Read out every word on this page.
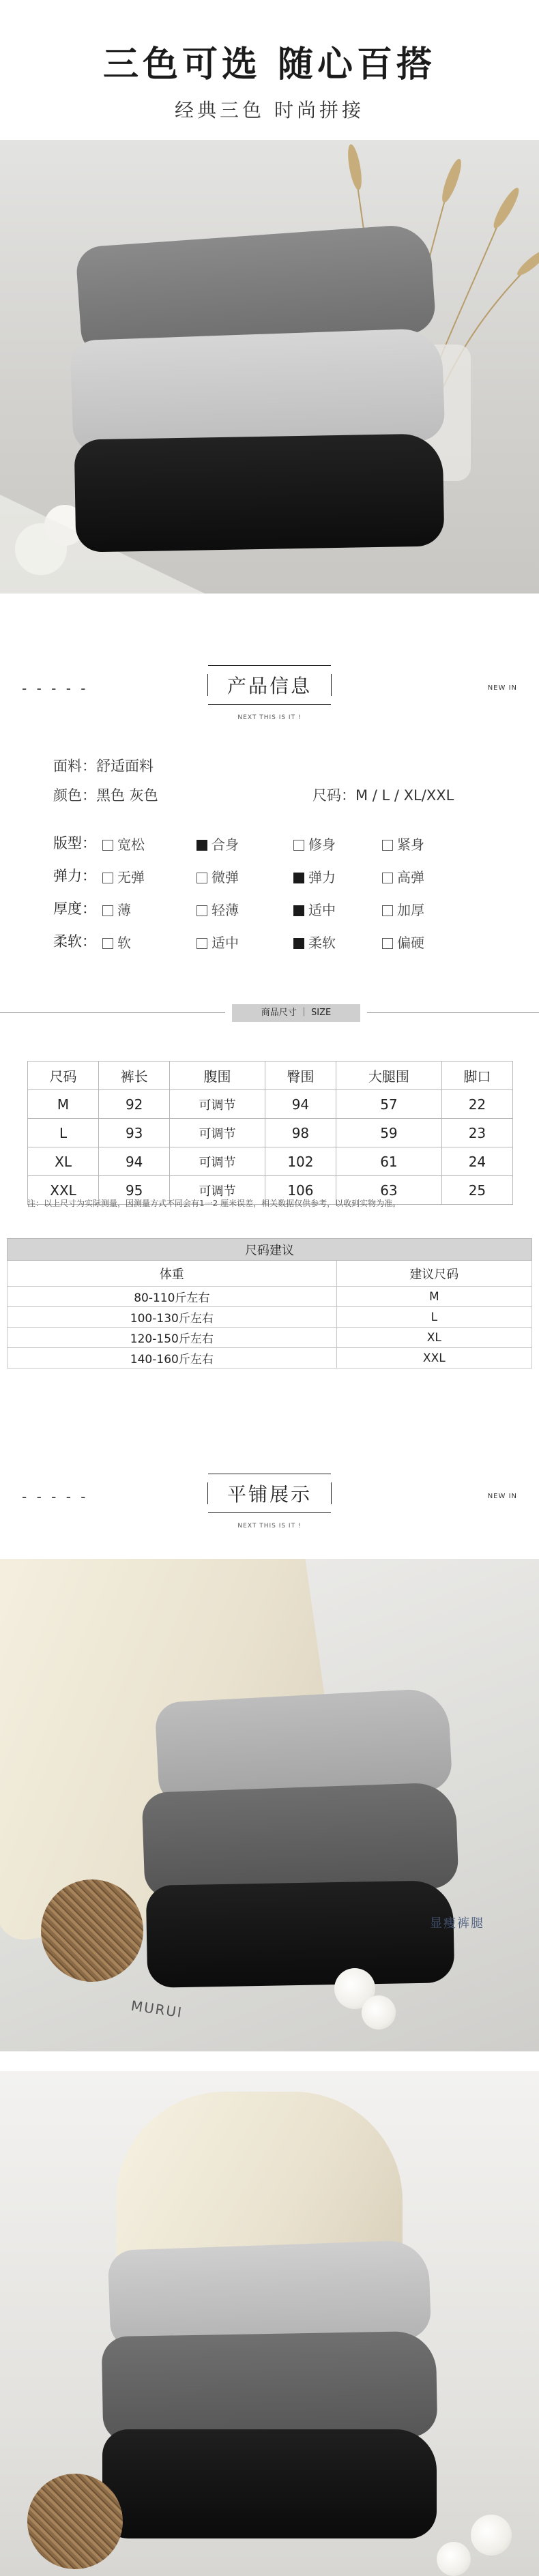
三色可选 随心百搭
经典三色 时尚拼接
- - - - -	产品信息	NEW IN
NEXT THIS IS IT !
面料：舒适面料
颜色：黑色 灰色	尺码：M / L / XL/XXL
版型：	宽松	合身	修身	紧身
弹力：	无弹	微弹	弹力	高弹
厚度：	薄	轻薄	适中	加厚
柔软：	软	适中	柔软	偏硬
商品尺寸 ｜ SIZE
尺码	裤长	腹围	臀围	大腿围	脚口
M	92	可调节	94	57	22
L	93	可调节	98	59	23
XL	94	可调节	102	61	24
XXL	95	可调节	106	63	25
注：以上尺寸为实际测量，因测量方式不同会有1一2 厘米误差，相关数据仅供参考，以收到实物为准。
尺码建议	
体重	建议尺码
80-110斤左右	M
100-130斤左右	L
120-150斤左右	XL
140-160斤左右	XXL
- - - - -	平铺展示	NEW IN
NEXT THIS IS IT !
显瘦裤腿
MURUI
